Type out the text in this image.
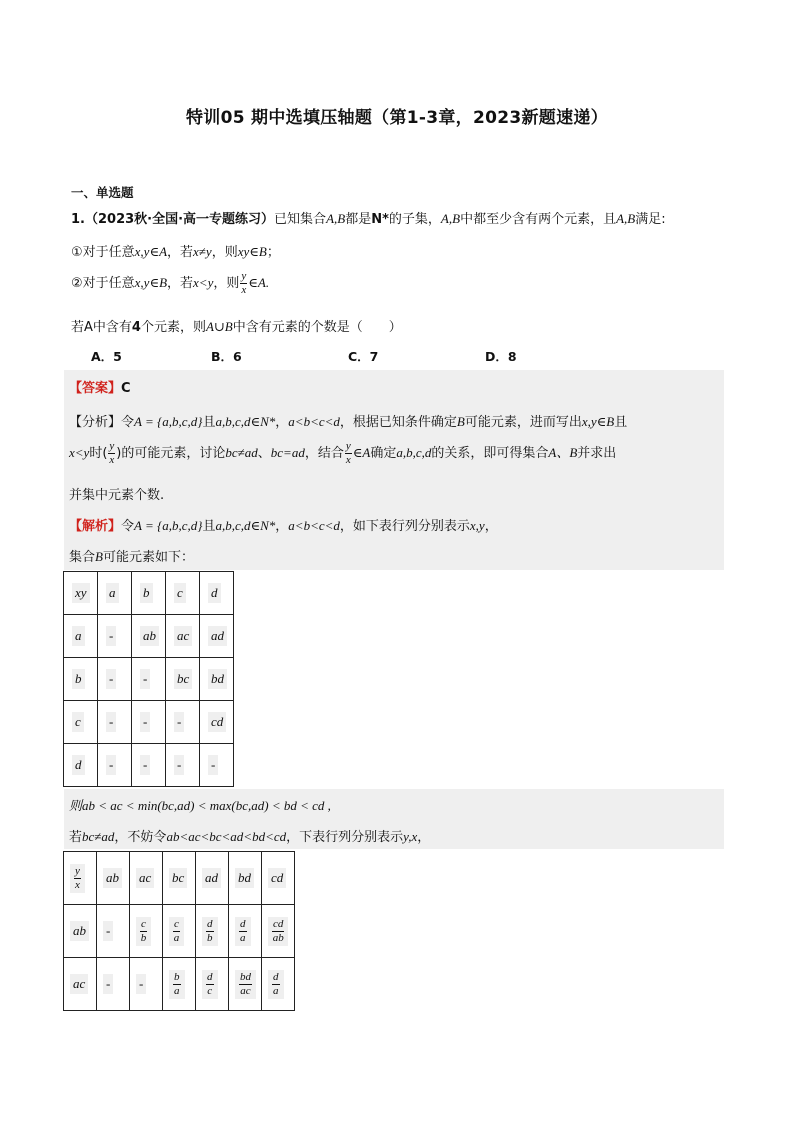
特训05 期中选填压轴题（第1-3章，2023新题速递）
一、单选题
1.（2023秋·全国·高一专题练习）已知集合A,B都是N*的子集，A,B中都至少含有两个元素，且A,B满足:
①对于任意x,y∈A，若x≠y，则xy∈B；
②对于任意x,y∈B，若x<y，则 $\frac{y}{x}$ ∈A.
若A中含有4个元素，则A∪B中含有元素的个数是（　　）
A．5	B．6	C．7	D．8
【答案】C
【分析】令A = {a,b,c,d}且a,b,c,d∈N*，a<b<c<d，根据已知条件确定B可能元素，进而写出x,y∈B且
x<y时( $\frac{y}{x}$ )的可能元素，讨论bc≠ad、bc=ad，结合 $\frac{y}{x}$ ∈A确定a,b,c,d的关系，即可得集合A、B并求出
并集中元素个数.
【解析】令A = {a,b,c,d}且a,b,c,d∈N*，a<b<c<d，如下表行列分别表示x,y，
集合B可能元素如下：
xy	a	b	c	d
a	-	ab	ac	ad
b	-	-	bc	bd
c	-	-	-	cd
d	-	-	-	-
则ab < ac < min(bc,ad) < max(bc,ad) < bd < cd ,
若bc≠ad，不妨令ab<ac<bc<ad<bd<cd，下表行列分别表示y,x，
$\frac{y}{x}$	ab	ac	bc	ad	bd	cd
ab	-	$\frac{c}{b}$	$\frac{c}{a}$	$\frac{d}{b}$	$\frac{d}{a}$	$\frac{cd}{ab}$

ac	-	-	$\frac{b}{a}$	$\frac{d}{c}$	$\frac{bd}{ac}$	$\frac{d}{a}$
